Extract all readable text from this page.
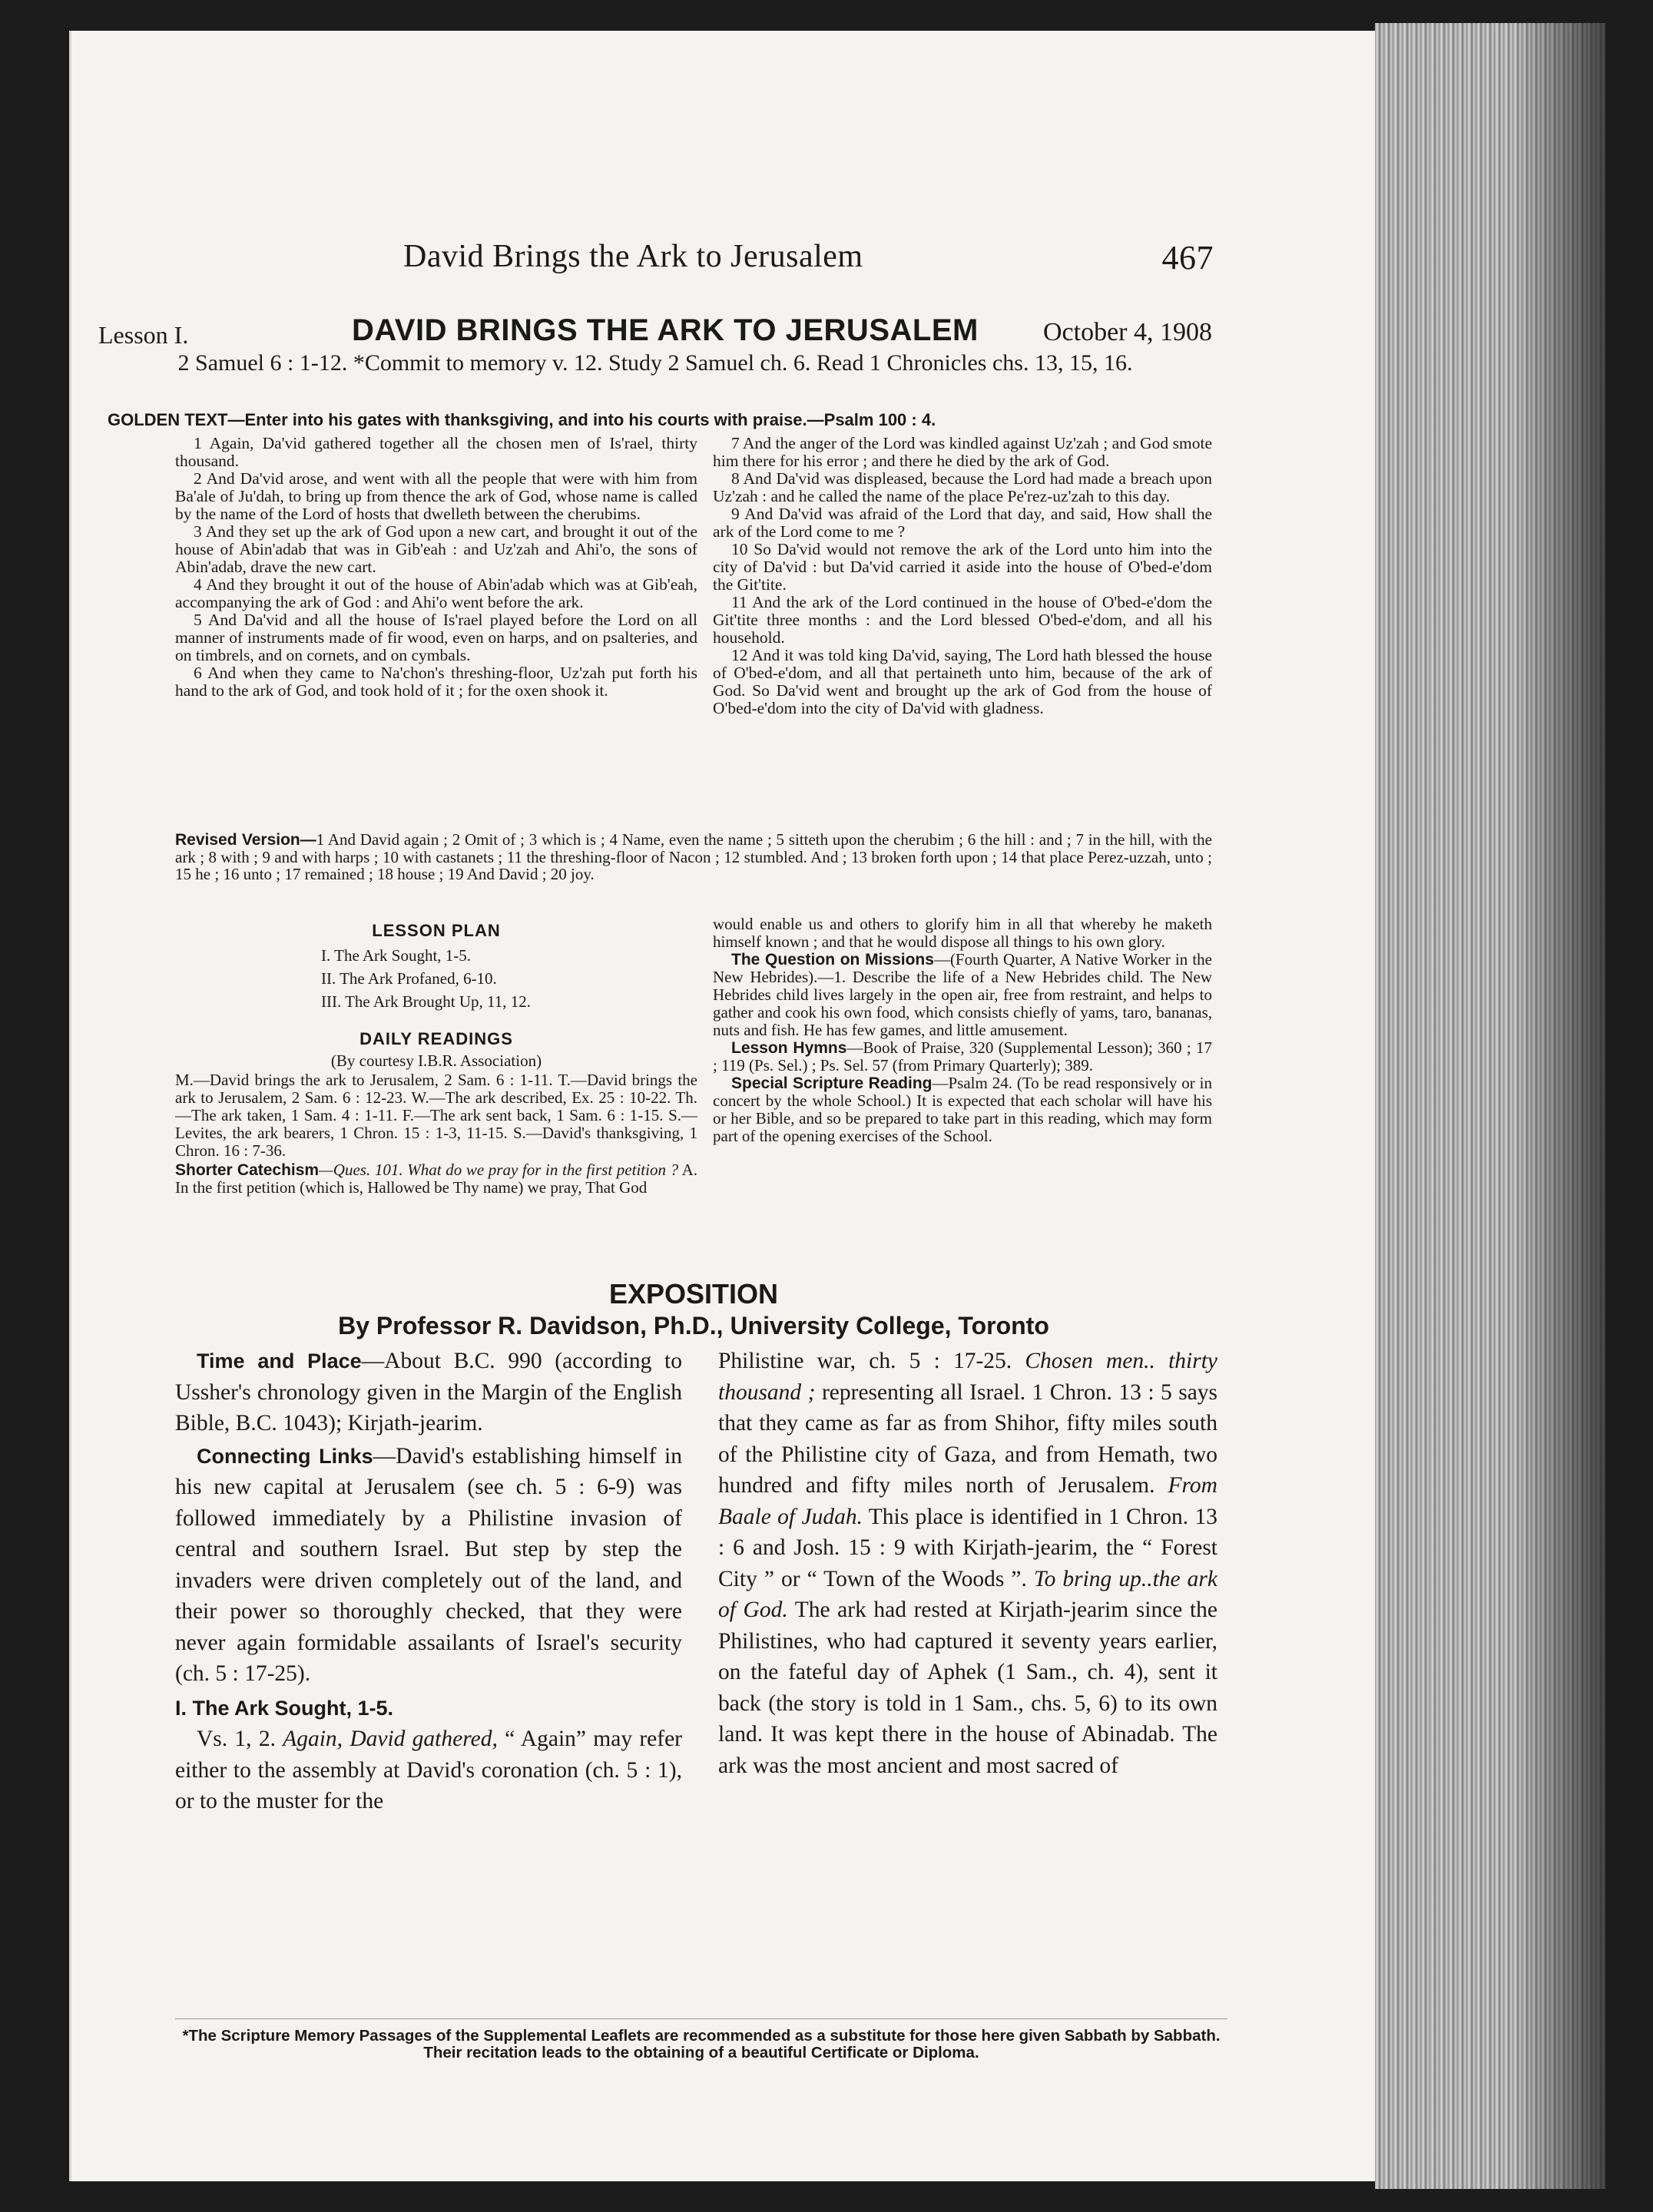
David Brings the Ark to Jerusalem	467
Lesson I.	DAVID BRINGS THE ARK TO JERUSALEM October 4, 1908
2 Samuel 6 : 1-12. *Commit to memory v. 12. Study 2 Samuel ch. 6. Read 1 Chronicles chs. 13, 15, 16.
GOLDEN TEXT—Enter into his gates with thanksgiving, and into his courts with praise.—Psalm 100 : 4.

1 Again, Da'vid gathered together all the chosen men of Is'rael, thirty thousand.

2 And Da'vid arose, and went with all the people that were with him from Ba'ale of Ju'dah, to bring up from thence the ark of God, whose name is called by the name of the Lord of hosts that dwelleth between the cherubims.

3 And they set up the ark of God upon a new cart, and brought it out of the house of Abin'adab that was in Gib'eah : and Uz'zah and Ahi'o, the sons of Abin'adab, drave the new cart.

4 And they brought it out of the house of Abin'adab which was at Gib'eah, accompanying the ark of God : and Ahi'o went before the ark.

5 And Da'vid and all the house of Is'rael played before the Lord on all manner of instruments made of fir wood, even on harps, and on psalteries, and on timbrels, and on cornets, and on cymbals.

6 And when they came to Na'chon's threshing-floor, Uz'zah put forth his hand to the ark of God, and took hold of it ; for the oxen shook it.

7 And the anger of the Lord was kindled against Uz'zah ; and God smote him there for his error ; and there he died by the ark of God.

8 And Da'vid was displeased, because the Lord had made a breach upon Uz'zah : and he called the name of the place Pe'rez-uz'zah to this day.

9 And Da'vid was afraid of the Lord that day, and said, How shall the ark of the Lord come to me ?

10 So Da'vid would not remove the ark of the Lord unto him into the city of Da'vid : but Da'vid carried it aside into the house of O'bed-e'dom the Git'tite.

11 And the ark of the Lord continued in the house of O'bed-e'dom the Git'tite three months : and the Lord blessed O'bed-e'dom, and all his household.

12 And it was told king Da'vid, saying, The Lord hath blessed the house of O'bed-e'dom, and all that pertaineth unto him, because of the ark of God. So Da'vid went and brought up the ark of God from the house of O'bed-e'dom into the city of Da'vid with gladness.

Revised Version—1 And David again ; 2 Omit of ; 3 which is ; 4 Name, even the name ; 5 sitteth upon the cherubim ; 6 the hill : and ; 7 in the hill, with the ark ; 8 with ; 9 and with harps ; 10 with castanets ; 11 the threshing-floor of Nacon ; 12 stumbled. And ; 13 broken forth upon ; 14 that place Perez-uzzah, unto ; 15 he ; 16 unto ; 17 remained ; 18 house ; 19 And David ; 20 joy.
LESSON PLAN
I. The Ark Sought, 1-5.
II. The Ark Profaned, 6-10.
III. The Ark Brought Up, 11, 12.
DAILY READINGS
(By courtesy I.B.R. Association)
M.—David brings the ark to Jerusalem, 2 Sam. 6 : 1-11. T.—David brings the ark to Jerusalem, 2 Sam. 6 : 12-23. W.—The ark described, Ex. 25 : 10-22. Th.—The ark taken, 1 Sam. 4 : 1-11. F.—The ark sent back, 1 Sam. 6 : 1-15. S.—Levites, the ark bearers, 1 Chron. 15 : 1-3, 11-15. S.—David's thanksgiving, 1 Chron. 16 : 7-36.
Shorter Catechism—Ques. 101. What do we pray for in the first petition ? A. In the first petition (which is, Hallowed be Thy name) we pray, That God

would enable us and others to glorify him in all that whereby he maketh himself known ; and that he would dispose all things to his own glory.

The Question on Missions—(Fourth Quarter, A Native Worker in the New Hebrides).—1. Describe the life of a New Hebrides child. The New Hebrides child lives largely in the open air, free from restraint, and helps to gather and cook his own food, which consists chiefly of yams, taro, bananas, nuts and fish. He has few games, and little amusement.

Lesson Hymns—Book of Praise, 320 (Supplemental Lesson); 360 ; 17 ; 119 (Ps. Sel.) ; Ps. Sel. 57 (from Primary Quarterly); 389.

Special Scripture Reading—Psalm 24. (To be read responsively or in concert by the whole School.) It is expected that each scholar will have his or her Bible, and so be prepared to take part in this reading, which may form part of the opening exercises of the School.

EXPOSITION
By Professor R. Davidson, Ph.D., University College, Toronto

Time and Place—About B.C. 990 (according to Ussher's chronology given in the Margin of the English Bible, B.C. 1043); Kirjath-jearim.

Connecting Links—David's establishing himself in his new capital at Jerusalem (see ch. 5 : 6-9) was followed immediately by a Philistine invasion of central and southern Israel. But step by step the invaders were driven completely out of the land, and their power so thoroughly checked, that they were never again formidable assailants of Israel's security (ch. 5 : 17-25).

I. The Ark Sought, 1-5.

Vs. 1, 2. Again, David gathered, “ Again” may refer either to the assembly at David's coronation (ch. 5 : 1), or to the muster for the

Philistine war, ch. 5 : 17-25. Chosen men.. thirty thousand ; representing all Israel. 1 Chron. 13 : 5 says that they came as far as from Shihor, fifty miles south of the Philistine city of Gaza, and from Hemath, two hundred and fifty miles north of Jerusalem. From Baale of Judah. This place is identified in 1 Chron. 13 : 6 and Josh. 15 : 9 with Kirjath-jearim, the “ Forest City ” or “ Town of the Woods ”. To bring up..the ark of God. The ark had rested at Kirjath-jearim since the Philistines, who had captured it seventy years earlier, on the fateful day of Aphek (1 Sam., ch. 4), sent it back (the story is told in 1 Sam., chs. 5, 6) to its own land. It was kept there in the house of Abinadab. The ark was the most ancient and most sacred of

*The Scripture Memory Passages of the Supplemental Leaflets are recommended as a substitute for those here given Sabbath by Sabbath. Their recitation leads to the obtaining of a beautiful Certificate or Diploma.
